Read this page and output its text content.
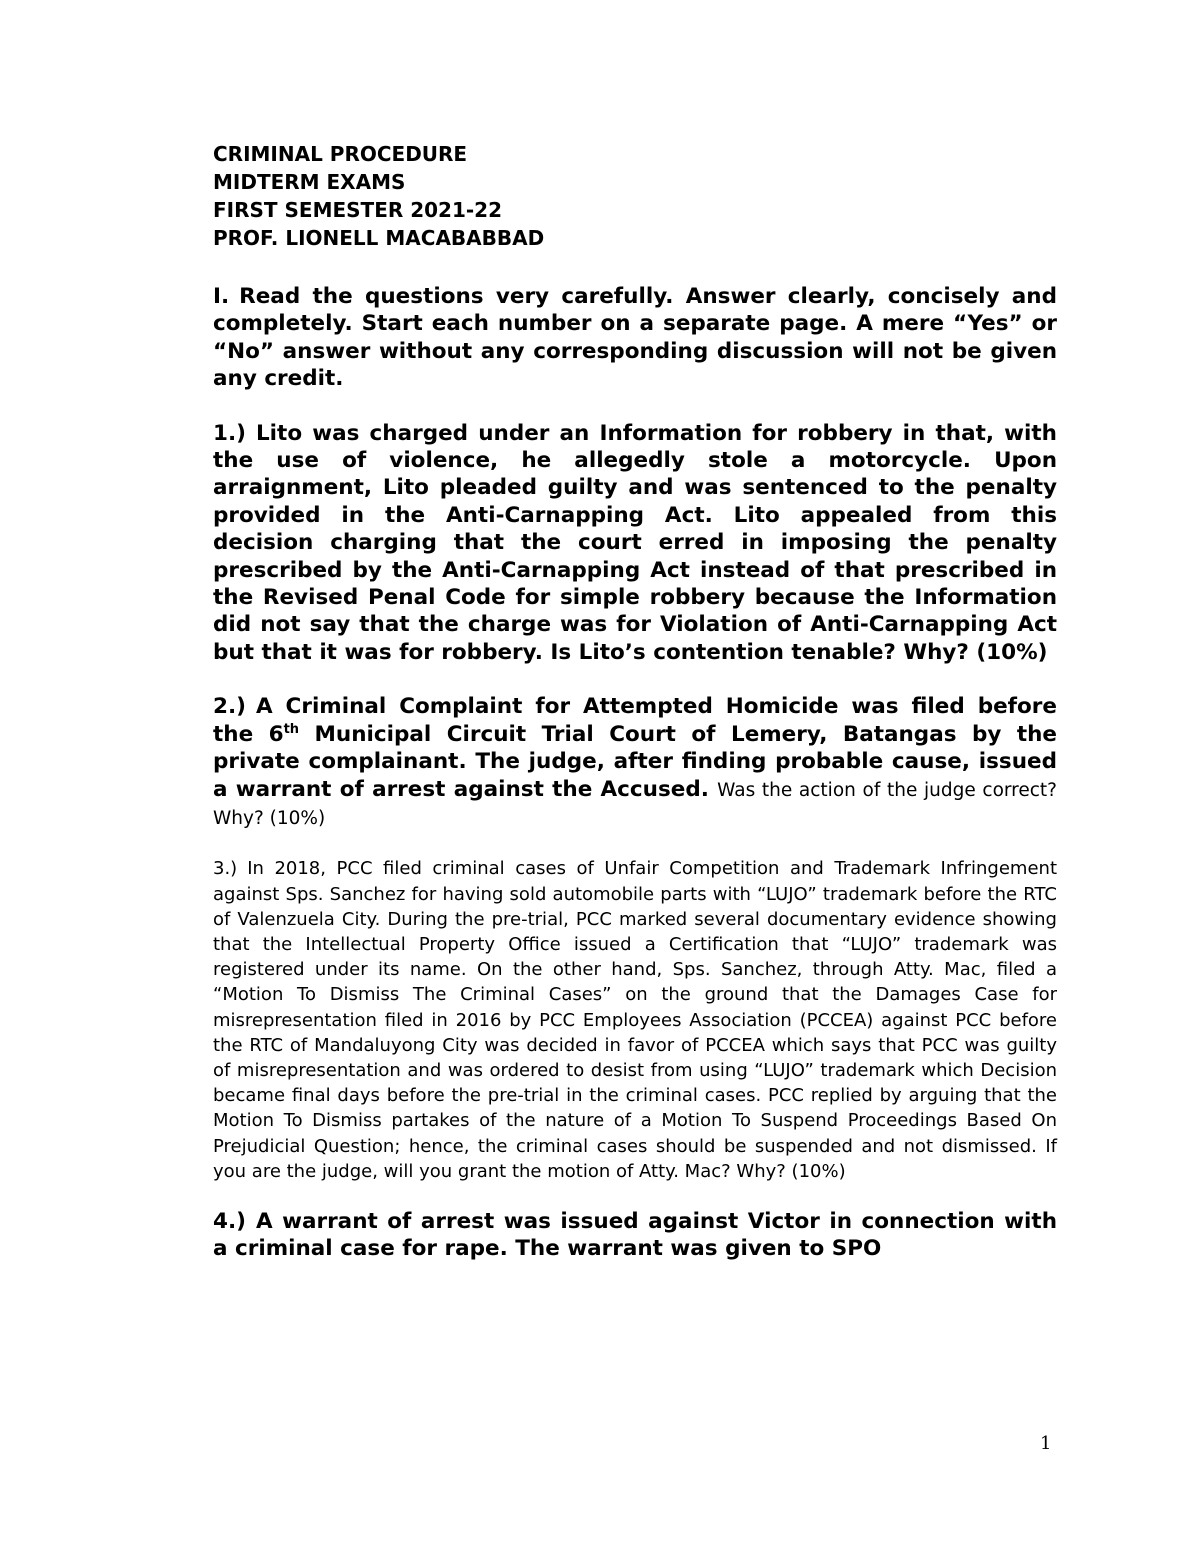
CRIMINAL PROCEDURE
MIDTERM EXAMS
FIRST SEMESTER 2021-22
PROF. LIONELL MACABABBAD

I. Read the questions very carefully. Answer clearly, concisely and completely. Start each number on a separate page. A mere “Yes” or “No” answer without any corresponding discussion will not be given any credit.

1.) Lito was charged under an Information for robbery in that, with the use of violence, he allegedly stole a motorcycle. Upon arraignment, Lito pleaded guilty and was sentenced to the penalty provided in the Anti-Carnapping Act. Lito appealed from this decision charging that the court erred in imposing the penalty prescribed by the Anti-Carnapping Act instead of that prescribed in the Revised Penal Code for simple robbery because the Information did not say that the charge was for Violation of Anti-Carnapping Act but that it was for robbery. Is Lito’s contention tenable? Why? (10%)

2.) A Criminal Complaint for Attempted Homicide was filed before the 6th Municipal Circuit Trial Court of Lemery, Batangas by the private complainant. The judge, after finding probable cause, issued a warrant of arrest against the Accused. Was the action of the judge correct? Why? (10%)

3.) In 2018, PCC filed criminal cases of Unfair Competition and Trademark Infringement against Sps. Sanchez for having sold automobile parts with “LUJO” trademark before the RTC of Valenzuela City. During the pre-trial, PCC marked several documentary evidence showing that the Intellectual Property Office issued a Certification that “LUJO” trademark was registered under its name. On the other hand, Sps. Sanchez, through Atty. Mac, filed a “Motion To Dismiss The Criminal Cases” on the ground that the Damages Case for misrepresentation filed in 2016 by PCC Employees Association (PCCEA) against PCC before the RTC of Mandaluyong City was decided in favor of PCCEA which says that PCC was guilty of misrepresentation and was ordered to desist from using “LUJO” trademark which Decision became final days before the pre-trial in the criminal cases. PCC replied by arguing that the Motion To Dismiss partakes of the nature of a Motion To Suspend Proceedings Based On Prejudicial Question; hence, the criminal cases should be suspended and not dismissed. If you are the judge, will you grant the motion of Atty. Mac? Why? (10%)

4.) A warrant of arrest was issued against Victor in connection with a criminal case for rape. The warrant was given to SPO

1
